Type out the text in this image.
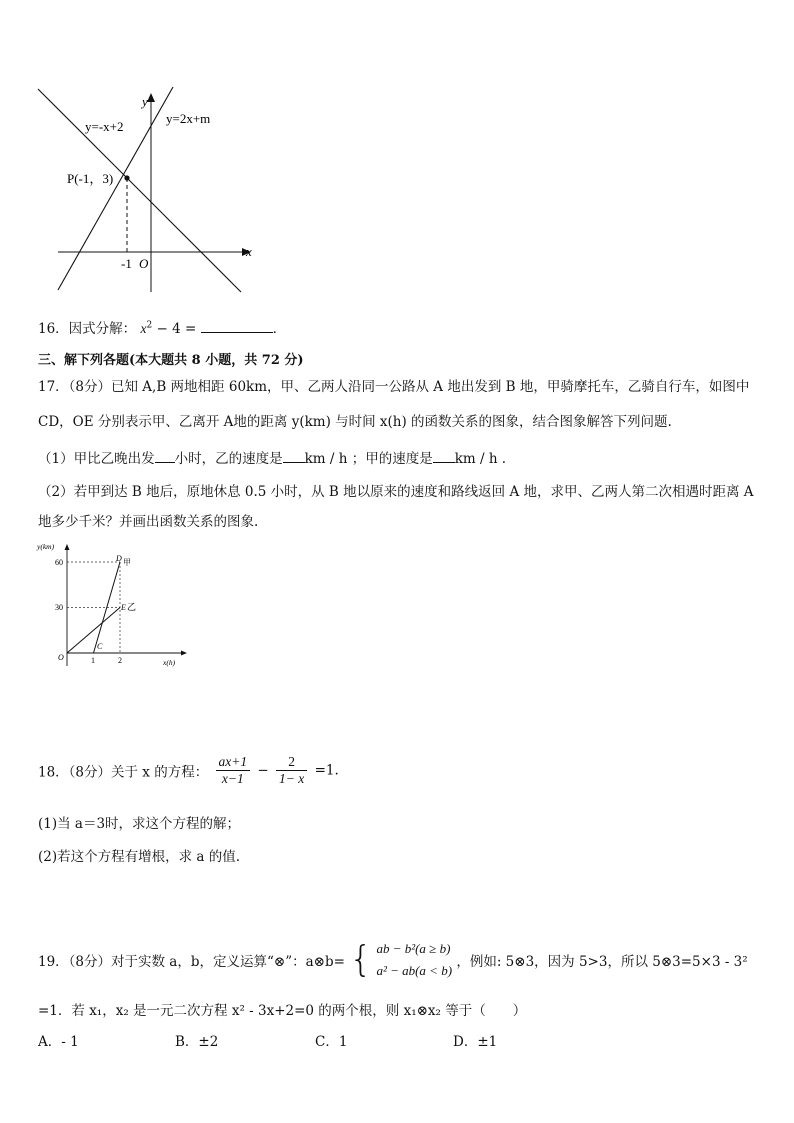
y
x
y=-x+2
y=2x+m
P(-1，3)
-1 O
16．因式分解： $x^2 - 4$ =	．
三、解下列各题(本大题共 8 小题，共 72 分)
17．（8分）已知 A,B 两地相距 60km，甲、乙两人沿同一公路从 A 地出发到 B 地，甲骑摩托车，乙骑自行车，如图中
CD，OE 分别表示甲、乙离开 A地的距离 y(km) 与时间 x(h) 的函数关系的图象，结合图象解答下列问题.
（1）甲比乙晚出发 小时，乙的速度是 km / h ；甲的速度是 km / h .
（2）若甲到达 B 地后，原地休息 0.5 小时，从 B 地以原来的速度和路线返回 A 地，求甲、乙两人第二次相遇时距离 A
地多少千米？并画出函数关系的图象.
y(km)
x(h)
60
30
1	2
O
C
D 甲
E 乙
18．（8分）关于 x 的方程： $\frac{ax+1}{x-1} - \frac{2}{1- x} =1$.
(1)当 a＝3时，求这个方程的解；
(2)若这个方程有增根，求 a 的值.
19．（8分）对于实数 a，b，定义运算“⊗”：a⊗b= { ab − b²(a ≥ b)
a² − ab(a < b)
，例如: 5⊗3，因为 5>3，所以 5⊗3=5×3 - 3²
=1．若 x₁，x₂ 是一元二次方程 x² - 3x+2=0 的两个根，则 x₁⊗x₂ 等于（　　）
A．- 1	B．±2	C．1	D．±1
